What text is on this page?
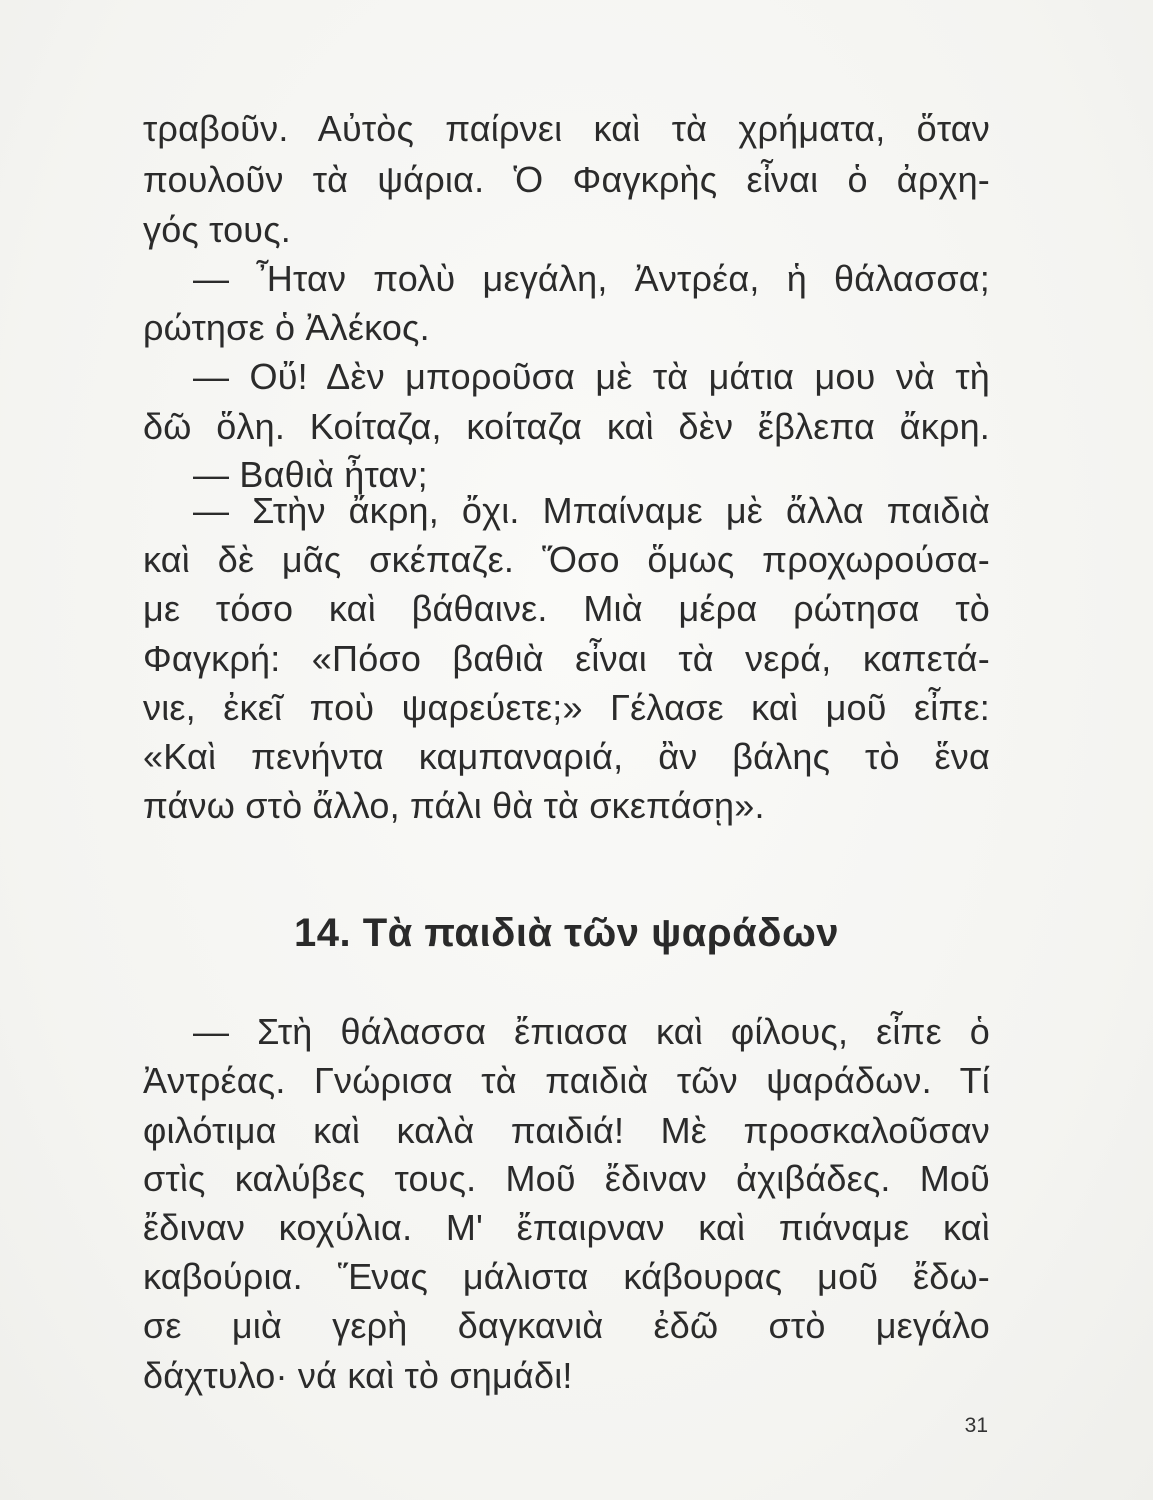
τραβοῦν. Αὐτὸς παίρνει καὶ τὰ χρήματα, ὅταν
πουλοῦν τὰ ψάρια. Ὁ Φαγκρὴς εἶναι ὁ ἀρχη-
γός τους.
— Ἦταν πολὺ μεγάλη, Ἀντρέα, ἡ θάλασσα;
ρώτησε ὁ Ἀλέκος.
— Οὔ! Δὲν μποροῦσα μὲ τὰ μάτια μου νὰ τὴ
δῶ ὅλη. Κοίταζα, κοίταζα καὶ δὲν ἔβλεπα ἄκρη.
— Βαθιὰ ἦταν;
— Στὴν ἄκρη, ὄχι. Μπαίναμε μὲ ἄλλα παιδιὰ
καὶ δὲ μᾶς σκέπαζε. Ὅσο ὅμως προχωρούσα-
με τόσο καὶ βάθαινε. Μιὰ μέρα ρώτησα τὸ
Φαγκρή: «Πόσο βαθιὰ εἶναι τὰ νερά, καπετά-
νιε, ἐκεῖ ποὺ ψαρεύετε;» Γέλασε καὶ μοῦ εἶπε:
«Καὶ πενήντα καμπαναριά, ἂν βάλης τὸ ἕνα
πάνω στὸ ἄλλο, πάλι θὰ τὰ σκεπάσῃ».
14. Τὰ παιδιὰ τῶν ψαράδων
— Στὴ θάλασσα ἔπιασα καὶ φίλους, εἶπε ὁ
Ἀντρέας. Γνώρισα τὰ παιδιὰ τῶν ψαράδων. Τί
φιλότιμα καὶ καλὰ παιδιά! Μὲ προσκαλοῦσαν
στὶς καλύβες τους. Μοῦ ἔδιναν ἀχιβάδες. Μοῦ
ἔδιναν κοχύλια. Μ' ἔπαιρναν καὶ πιάναμε καὶ
καβούρια. Ἕνας μάλιστα κάβουρας μοῦ ἔδω-
σε μιὰ γερὴ δαγκανιὰ ἐδῶ στὸ μεγάλο
δάχτυλο· νά καὶ τὸ σημάδι!
31
